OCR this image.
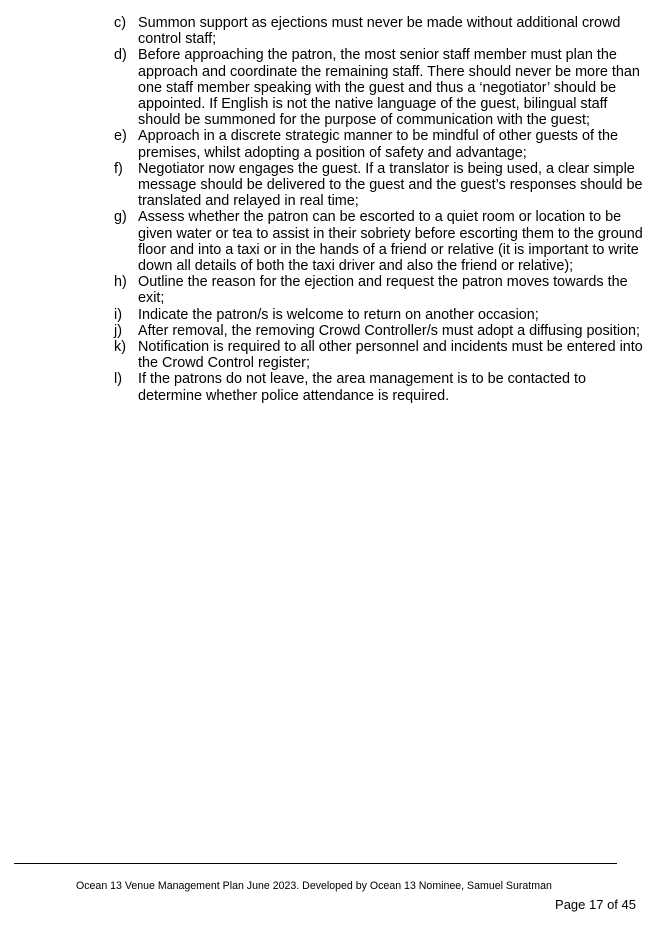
c) Summon support as ejections must never be made without additional crowd control staff;
d) Before approaching the patron, the most senior staff member must plan the approach and coordinate the remaining staff. There should never be more than one staff member speaking with the guest and thus a ‘negotiator’ should be appointed. If English is not the native language of the guest, bilingual staff should be summoned for the purpose of communication with the guest;
e) Approach in a discrete strategic manner to be mindful of other guests of the premises, whilst adopting a position of safety and advantage;
f)	Negotiator now engages the guest. If a translator is being used, a clear simple message should be delivered to the guest and the guest’s responses should be translated and relayed in real time;
g) Assess whether the patron can be escorted to a quiet room or location to be given water or tea to assist in their sobriety before escorting them to the ground floor and into a taxi or in the hands of a friend or relative (it is important to write down all details of both the taxi driver and also the friend or relative);
h) Outline the reason for the ejection and request the patron moves towards the exit;
i)	Indicate the patron/s is welcome to return on another occasion;
j)	After removal, the removing Crowd Controller/s must adopt a diffusing position;
k) Notification is required to all other personnel and incidents must be entered into the Crowd Control register;
l)	If the patrons do not leave, the area management is to be contacted to determine whether police attendance is required.
Ocean 13 Venue Management Plan June 2023. Developed by Ocean 13 Nominee, Samuel Suratman
Page 17 of 45
